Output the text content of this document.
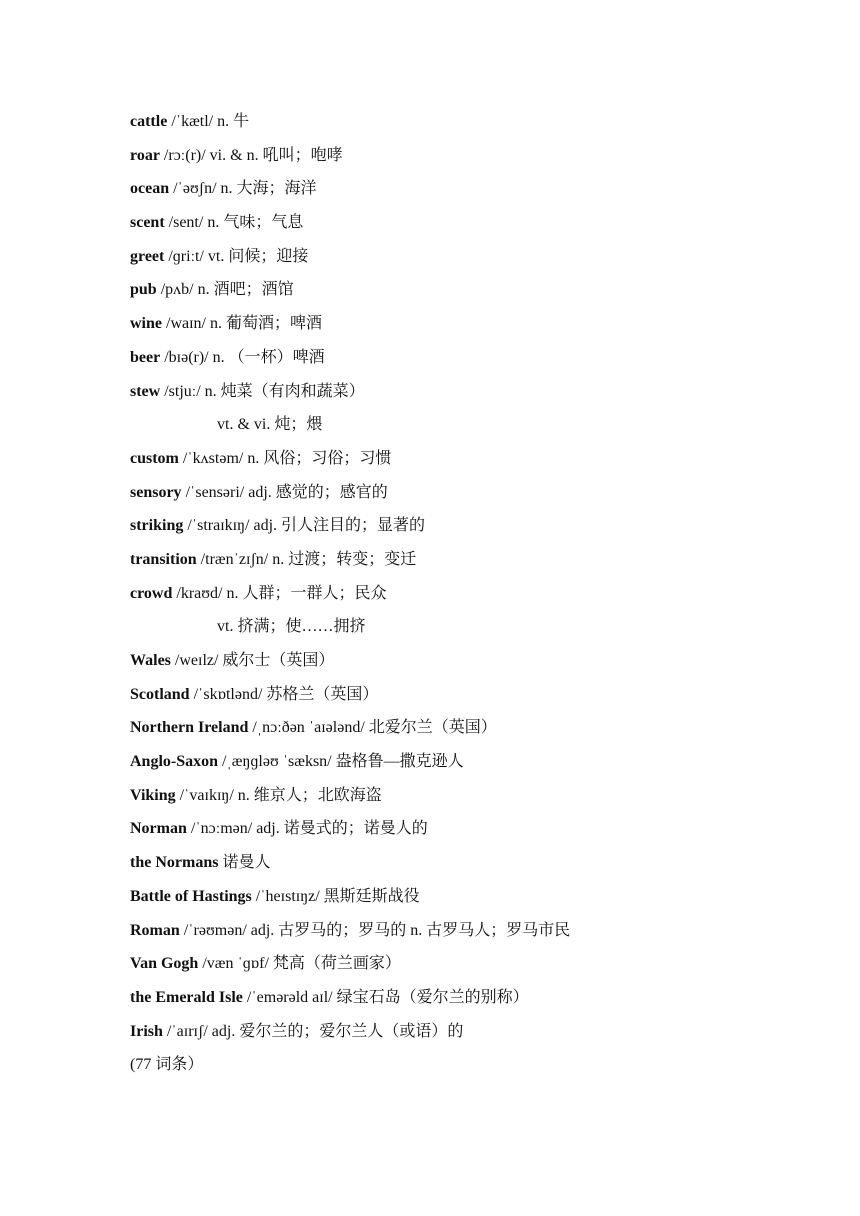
cattle /ˈkætl/ n. 牛
roar /rɔː(r)/ vi. & n. 吼叫；咆哮
ocean /ˈəʊʃn/ n. 大海；海洋
scent /sent/ n. 气味；气息
greet /ɡriːt/ vt. 问候；迎接
pub /pʌb/ n. 酒吧；酒馆
wine /waɪn/ n. 葡萄酒；啤酒
beer /bɪə(r)/ n. （一杯）啤酒
stew /stjuː/ n. 炖菜（有肉和蔬菜）
vt. & vi. 炖；煨
custom /ˈkʌstəm/ n. 风俗；习俗；习惯
sensory /ˈsensəri/ adj. 感觉的；感官的
striking /ˈstraɪkɪŋ/ adj. 引人注目的；显著的
transition /trænˈzɪʃn/ n. 过渡；转变；变迁
crowd /kraʊd/ n. 人群；一群人；民众
vt. 挤满；使……拥挤
Wales /weɪlz/ 威尔士（英国）
Scotland /ˈskɒtlənd/ 苏格兰（英国）
Northern Ireland /ˌnɔːðən ˈaɪələnd/ 北爱尔兰（英国）
Anglo-Saxon /ˌæŋɡləʊ ˈsæksn/ 盎格鲁—撒克逊人
Viking /ˈvaɪkɪŋ/ n. 维京人；北欧海盗
Norman /ˈnɔːmən/ adj. 诺曼式的；诺曼人的
the Normans 诺曼人
Battle of Hastings /ˈheɪstɪŋz/ 黑斯廷斯战役
Roman /ˈrəʊmən/ adj. 古罗马的；罗马的 n. 古罗马人；罗马市民
Van Gogh /væn ˈɡɒf/ 梵高（荷兰画家）
the Emerald Isle /ˈemərəld aɪl/ 绿宝石岛（爱尔兰的别称）
Irish /ˈaɪrɪʃ/ adj. 爱尔兰的；爱尔兰人（或语）的
(77 词条）
